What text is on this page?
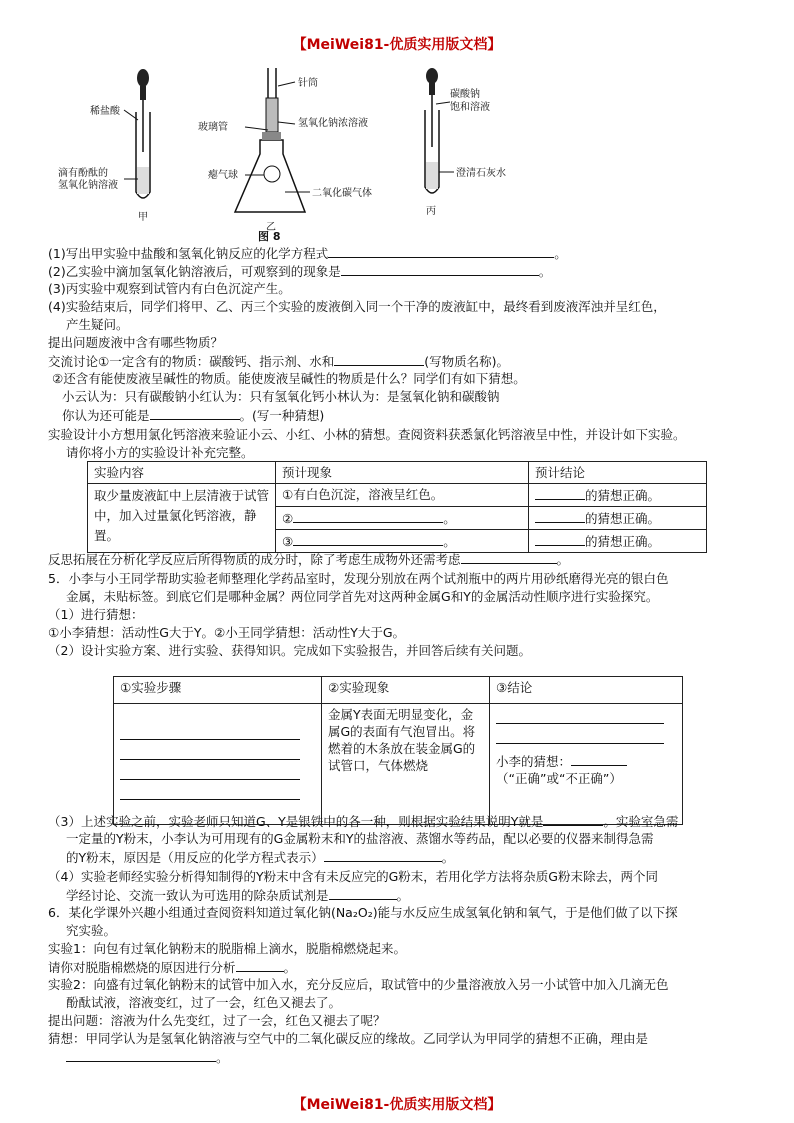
【MeiWei81-优质实用版文档】
稀盐酸
滴有酚酞的
氢氧化钠溶液
甲
针筒
玻璃管	氢氧化钠浓溶液
瘪气球
二氧化碳气体
乙
碳酸钠
饱和溶液
澄清石灰水
丙
图 8
(1)写出甲实验中盐酸和氢氧化钠反应的化学方程式	。
(2)乙实验中滴加氢氧化钠溶液后，可观察到的现象是	。
(3)丙实验中观察到试管内有白色沉淀产生。
(4)实验结束后，同学们将甲、乙、丙三个实验的废液倒入同一个干净的废液缸中，最终看到废液浑浊并呈红色，
产生疑问。
提出问题废液中含有哪些物质？
交流讨论①一定含有的物质：碳酸钙、指示剂、水和	(写物质名称)。
②还含有能使废液呈碱性的物质。能使废液呈碱性的物质是什么？同学们有如下猜想。
小云认为：只有碳酸钠小红认为：只有氢氧化钙小林认为：是氢氧化钠和碳酸钠
你认为还可能是	。(写一种猜想)
实验设计小方想用氯化钙溶液来验证小云、小红、小林的猜想。查阅资料获悉氯化钙溶液呈中性，并设计如下实验。
请你将小方的实验设计补充完整。
实验内容	预计现象	预计结论
取少量废液缸中上层清液于试管中，加入过量氯化钙溶液，静置。	①有白色沉淀，溶液呈红色。	的猜想正确。
	② 。	的猜想正确。
	③ 。	的猜想正确。
反思拓展在分析化学反应后所得物质的成分时，除了考虑生成物外还需考虑	。
5．小李与小王同学帮助实验老师整理化学药品室时，发现分别放在两个试剂瓶中的两片用砂纸磨得光亮的银白色
金属，未贴标签。到底它们是哪种金属？两位同学首先对这两种金属G和Y的金属活动性顺序进行实验探究。
（1）进行猜想：
①小李猜想：活动性G大于Y。②小王同学猜想：活动性Y大于G。
（2）设计实验方案、进行实验、获得知识。完成如下实验报告，并回答后续有关问题。
①实验步骤	②实验现象	③结论

	金属Y表面无明显变化，金属G的表面有气泡冒出。将燃着的木条放在装金属G的试管口，气体燃烧	小李的猜想：
（“正确”或“不正确”）
（3）上述实验之前，实验老师只知道G、Y是银铁中的各一种，则根据实验结果说明Y就是	。实验室急需
一定量的Y粉末，小李认为可用现有的G金属粉末和Y的盐溶液、蒸馏水等药品，配以必要的仪器来制得急需
的Y粉末，原因是（用反应的化学方程式表示）	。
（4）实验老师经实验分析得知制得的Y粉末中含有未反应完的G粉末，若用化学方法将杂质G粉末除去，两个同
学经讨论、交流一致认为可选用的除杂质试剂是	。
6．某化学课外兴趣小组通过查阅资料知道过氧化钠(Na₂O₂)能与水反应生成氢氧化钠和氧气，于是他们做了以下探
究实验。
实验1：向包有过氧化钠粉末的脱脂棉上滴水，脱脂棉燃烧起来。
请你对脱脂棉燃烧的原因进行分析	。
实验2：向盛有过氧化钠粉末的试管中加入水，充分反应后，取试管中的少量溶液放入另一小试管中加入几滴无色
酚酞试液，溶液变红，过了一会，红色又褪去了。
提出问题：溶液为什么先变红，过了一会，红色又褪去了呢？
猜想：甲同学认为是氢氧化钠溶液与空气中的二氧化碳反应的缘故。乙同学认为甲同学的猜想不正确，理由是
。
【MeiWei81-优质实用版文档】
